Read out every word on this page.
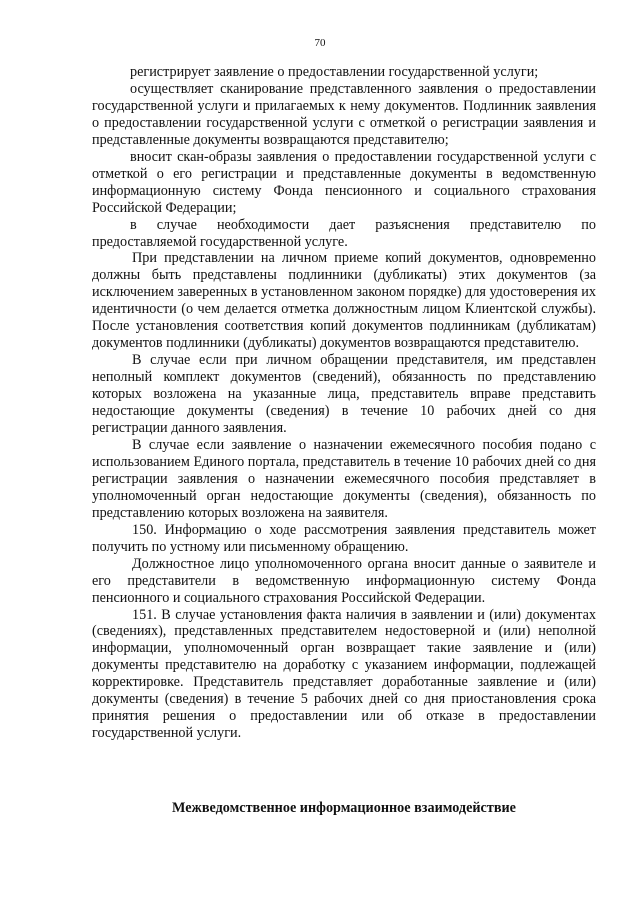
70

регистрирует заявление о предоставлении государственной услуги;

осуществляет сканирование представленного заявления о предоставлении государственной услуги и прилагаемых к нему документов. Подлинник заявления о предоставлении государственной услуги с отметкой о регистрации заявления и представленные документы возвращаются представителю;

вносит скан-образы заявления о предоставлении государственной услуги с отметкой о его регистрации и представленные документы в ведомственную информационную систему Фонда пенсионного и социального страхования Российской Федерации;

в случае необходимости дает разъяснения представителю по предоставляемой государственной услуге.

При представлении на личном приеме копий документов, одновременно должны быть представлены подлинники (дубликаты) этих документов (за исключением заверенных в установленном законом порядке) для удостоверения их идентичности (о чем делается отметка должностным лицом Клиентской службы). После установления соответствия копий документов подлинникам (дубликатам) документов подлинники (дубликаты) документов возвращаются представителю.

В случае если при личном обращении представителя, им представлен неполный комплект документов (сведений), обязанность по представлению которых возложена на указанные лица, представитель вправе представить недостающие документы (сведения) в течение 10 рабочих дней со дня регистрации данного заявления.

В случае если заявление о назначении ежемесячного пособия подано с использованием Единого портала, представитель в течение 10 рабочих дней со дня регистрации заявления о назначении ежемесячного пособия представляет в уполномоченный орган недостающие документы (сведения), обязанность по представлению которых возложена на заявителя.

150. Информацию о ходе рассмотрения заявления представитель может получить по устному или письменному обращению.

Должностное лицо уполномоченного органа вносит данные о заявителе и его представители в ведомственную информационную систему Фонда пенсионного и социального страхования Российской Федерации.

151. В случае установления факта наличия в заявлении и (или) документах (сведениях), представленных представителем недостоверной и (или) неполной информации, уполномоченный орган возвращает такие заявление и (или) документы представителю на доработку с указанием информации, подлежащей корректировке. Представитель представляет доработанные заявление и (или) документы (сведения) в течение 5 рабочих дней со дня приостановления срока принятия решения о предоставлении или об отказе в предоставлении государственной услуги.

Межведомственное информационное взаимодействие
